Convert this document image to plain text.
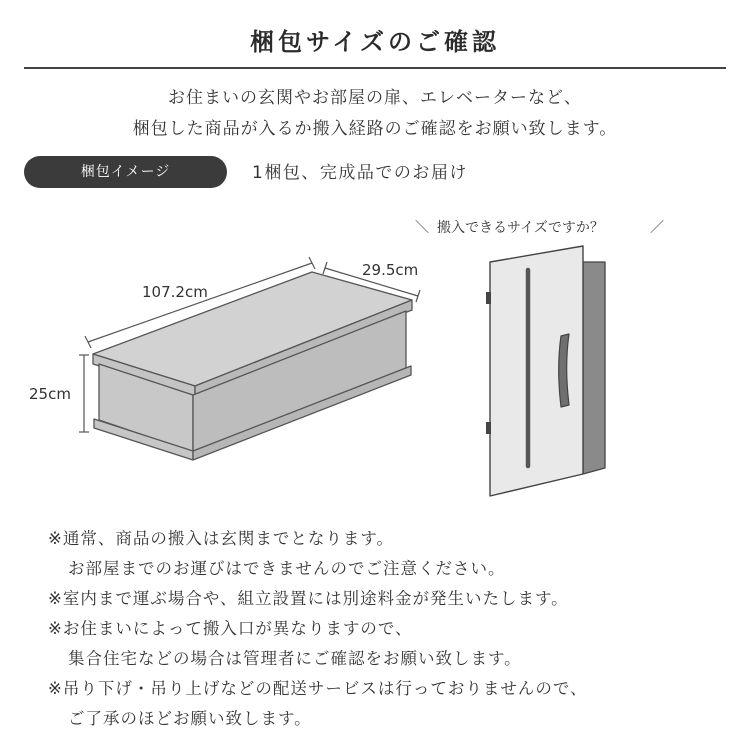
梱包サイズのご確認
お住まいの玄関やお部屋の扉、エレベーターなど、
梱包した商品が入るか搬入経路のご確認をお願い致します。
梱包イメージ	1梱包、完成品でのお届け
107.2cm
29.5cm
25cm
＼ 搬入できるサイズですか？	／
※通常、商品の搬入は玄関までとなります。
お部屋までのお運びはできませんのでご注意ください。
※室内まで運ぶ場合や、組立設置には別途料金が発生いたします。
※お住まいによって搬入口が異なりますので、
集合住宅などの場合は管理者にご確認をお願い致します。
※吊り下げ・吊り上げなどの配送サービスは行っておりませんので、
ご了承のほどお願い致します。
